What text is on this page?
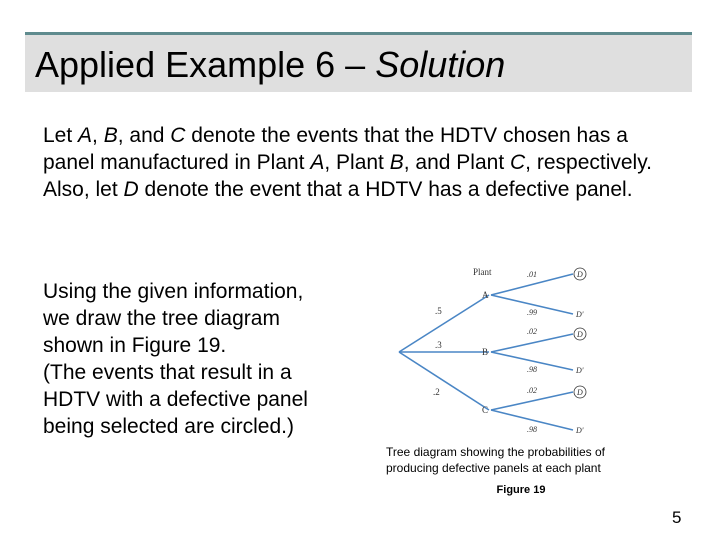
Applied Example 6 – Solution
Let A, B, and C denote the events that the HDTV chosen has a panel manufactured in Plant A, Plant B, and Plant C, respectively. Also, let D denote the event that a HDTV has a defective panel.
Using the given information,
we draw the tree diagram
shown in Figure 19.
(The events that result in a
HDTV with a defective panel
being selected are circled.)
Plant
.5
.3
.2
A
B
C
.01
.99
.02
.98
.02
.98
D
D'
D
D'
D
D'
Tree diagram showing the probabilities of producing defective panels at each plant
Figure 19
5
